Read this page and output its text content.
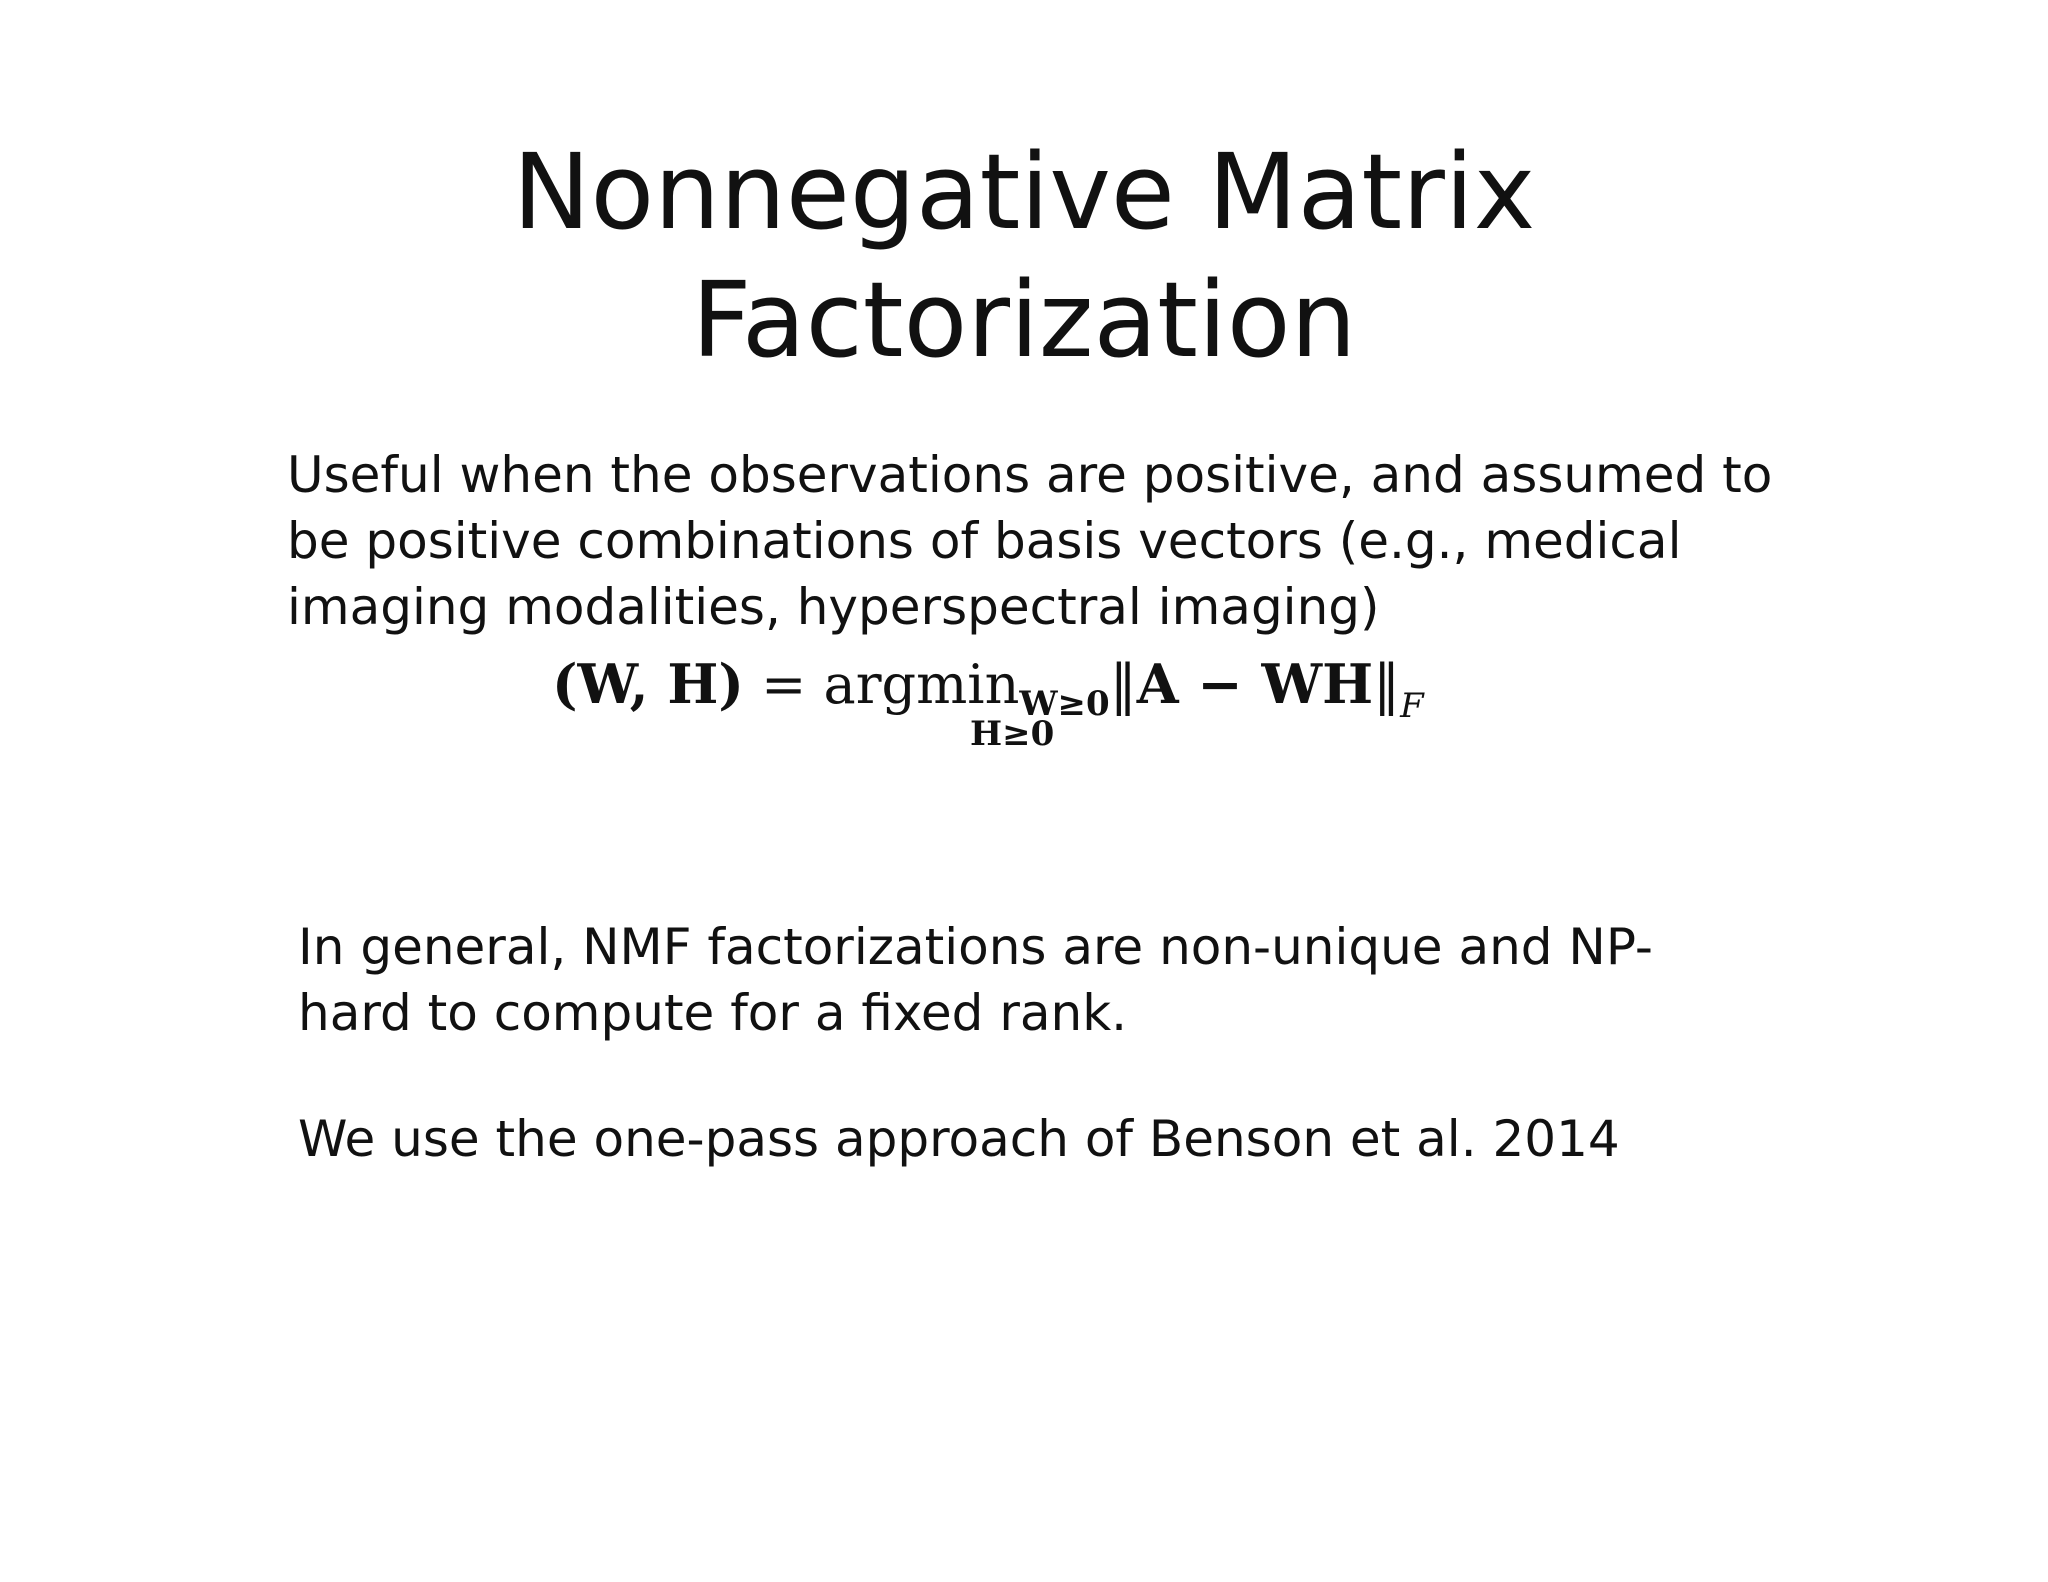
Nonnegative Matrix
Factorization

Useful when the observations are positive, and assumed to
be positive combinations of basis vectors (e.g., medical
imaging modalities, hyperspectral imaging)

(W, H) = argmin$_{W\ge 0}$‖A − $WH‖_F$
H≥0

In general, NMF factorizations are non-unique and NP-
hard to compute for a fixed rank.

We use the one-pass approach of Benson et al. 2014
